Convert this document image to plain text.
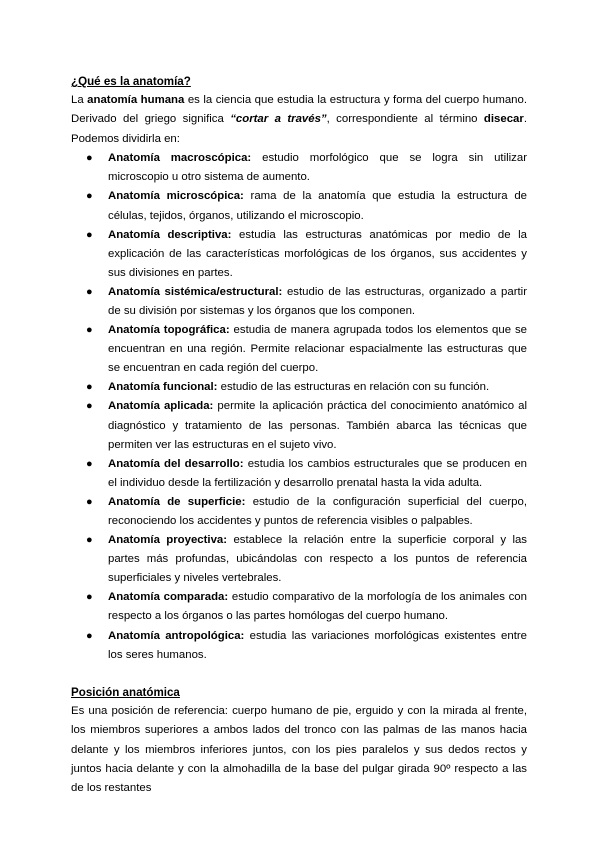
¿Qué es la anatomía?

La anatomía humana es la ciencia que estudia la estructura y forma del cuerpo humano. Derivado del griego significa “cortar a través”, correspondiente al término disecar. Podemos dividirla en:

● Anatomía macroscópica: estudio morfológico que se logra sin utilizar microscopio u otro sistema de aumento.
● Anatomía microscópica: rama de la anatomía que estudia la estructura de células, tejidos, órganos, utilizando el microscopio.
● Anatomía descriptiva: estudia las estructuras anatómicas por medio de la explicación de las características morfológicas de los órganos, sus accidentes y sus divisiones en partes.
● Anatomía sistémica/estructural: estudio de las estructuras, organizado a partir de su división por sistemas y los órganos que los componen.
● Anatomía topográfica: estudia de manera agrupada todos los elementos que se encuentran en una región. Permite relacionar espacialmente las estructuras que se encuentran en cada región del cuerpo.
● Anatomía funcional: estudio de las estructuras en relación con su función.
● Anatomía aplicada: permite la aplicación práctica del conocimiento anatómico al diagnóstico y tratamiento de las personas. También abarca las técnicas que permiten ver las estructuras en el sujeto vivo.
● Anatomía del desarrollo: estudia los cambios estructurales que se producen en el individuo desde la fertilización y desarrollo prenatal hasta la vida adulta.
● Anatomía de superficie: estudio de la configuración superficial del cuerpo, reconociendo los accidentes y puntos de referencia visibles o palpables.
● Anatomía proyectiva: establece la relación entre la superficie corporal y las partes más profundas, ubicándolas con respecto a los puntos de referencia superficiales y niveles vertebrales.
● Anatomía comparada: estudio comparativo de la morfología de los animales con respecto a los órganos o las partes homólogas del cuerpo humano.
● Anatomía antropológica: estudia las variaciones morfológicas existentes entre los seres humanos.
Posición anatómica

Es una posición de referencia: cuerpo humano de pie, erguido y con la mirada al frente, los miembros superiores a ambos lados del tronco con las palmas de las manos hacia delante y los miembros inferiores juntos, con los pies paralelos y sus dedos rectos y juntos hacia delante y con la almohadilla de la base del pulgar girada 90º respecto a las de los restantes
